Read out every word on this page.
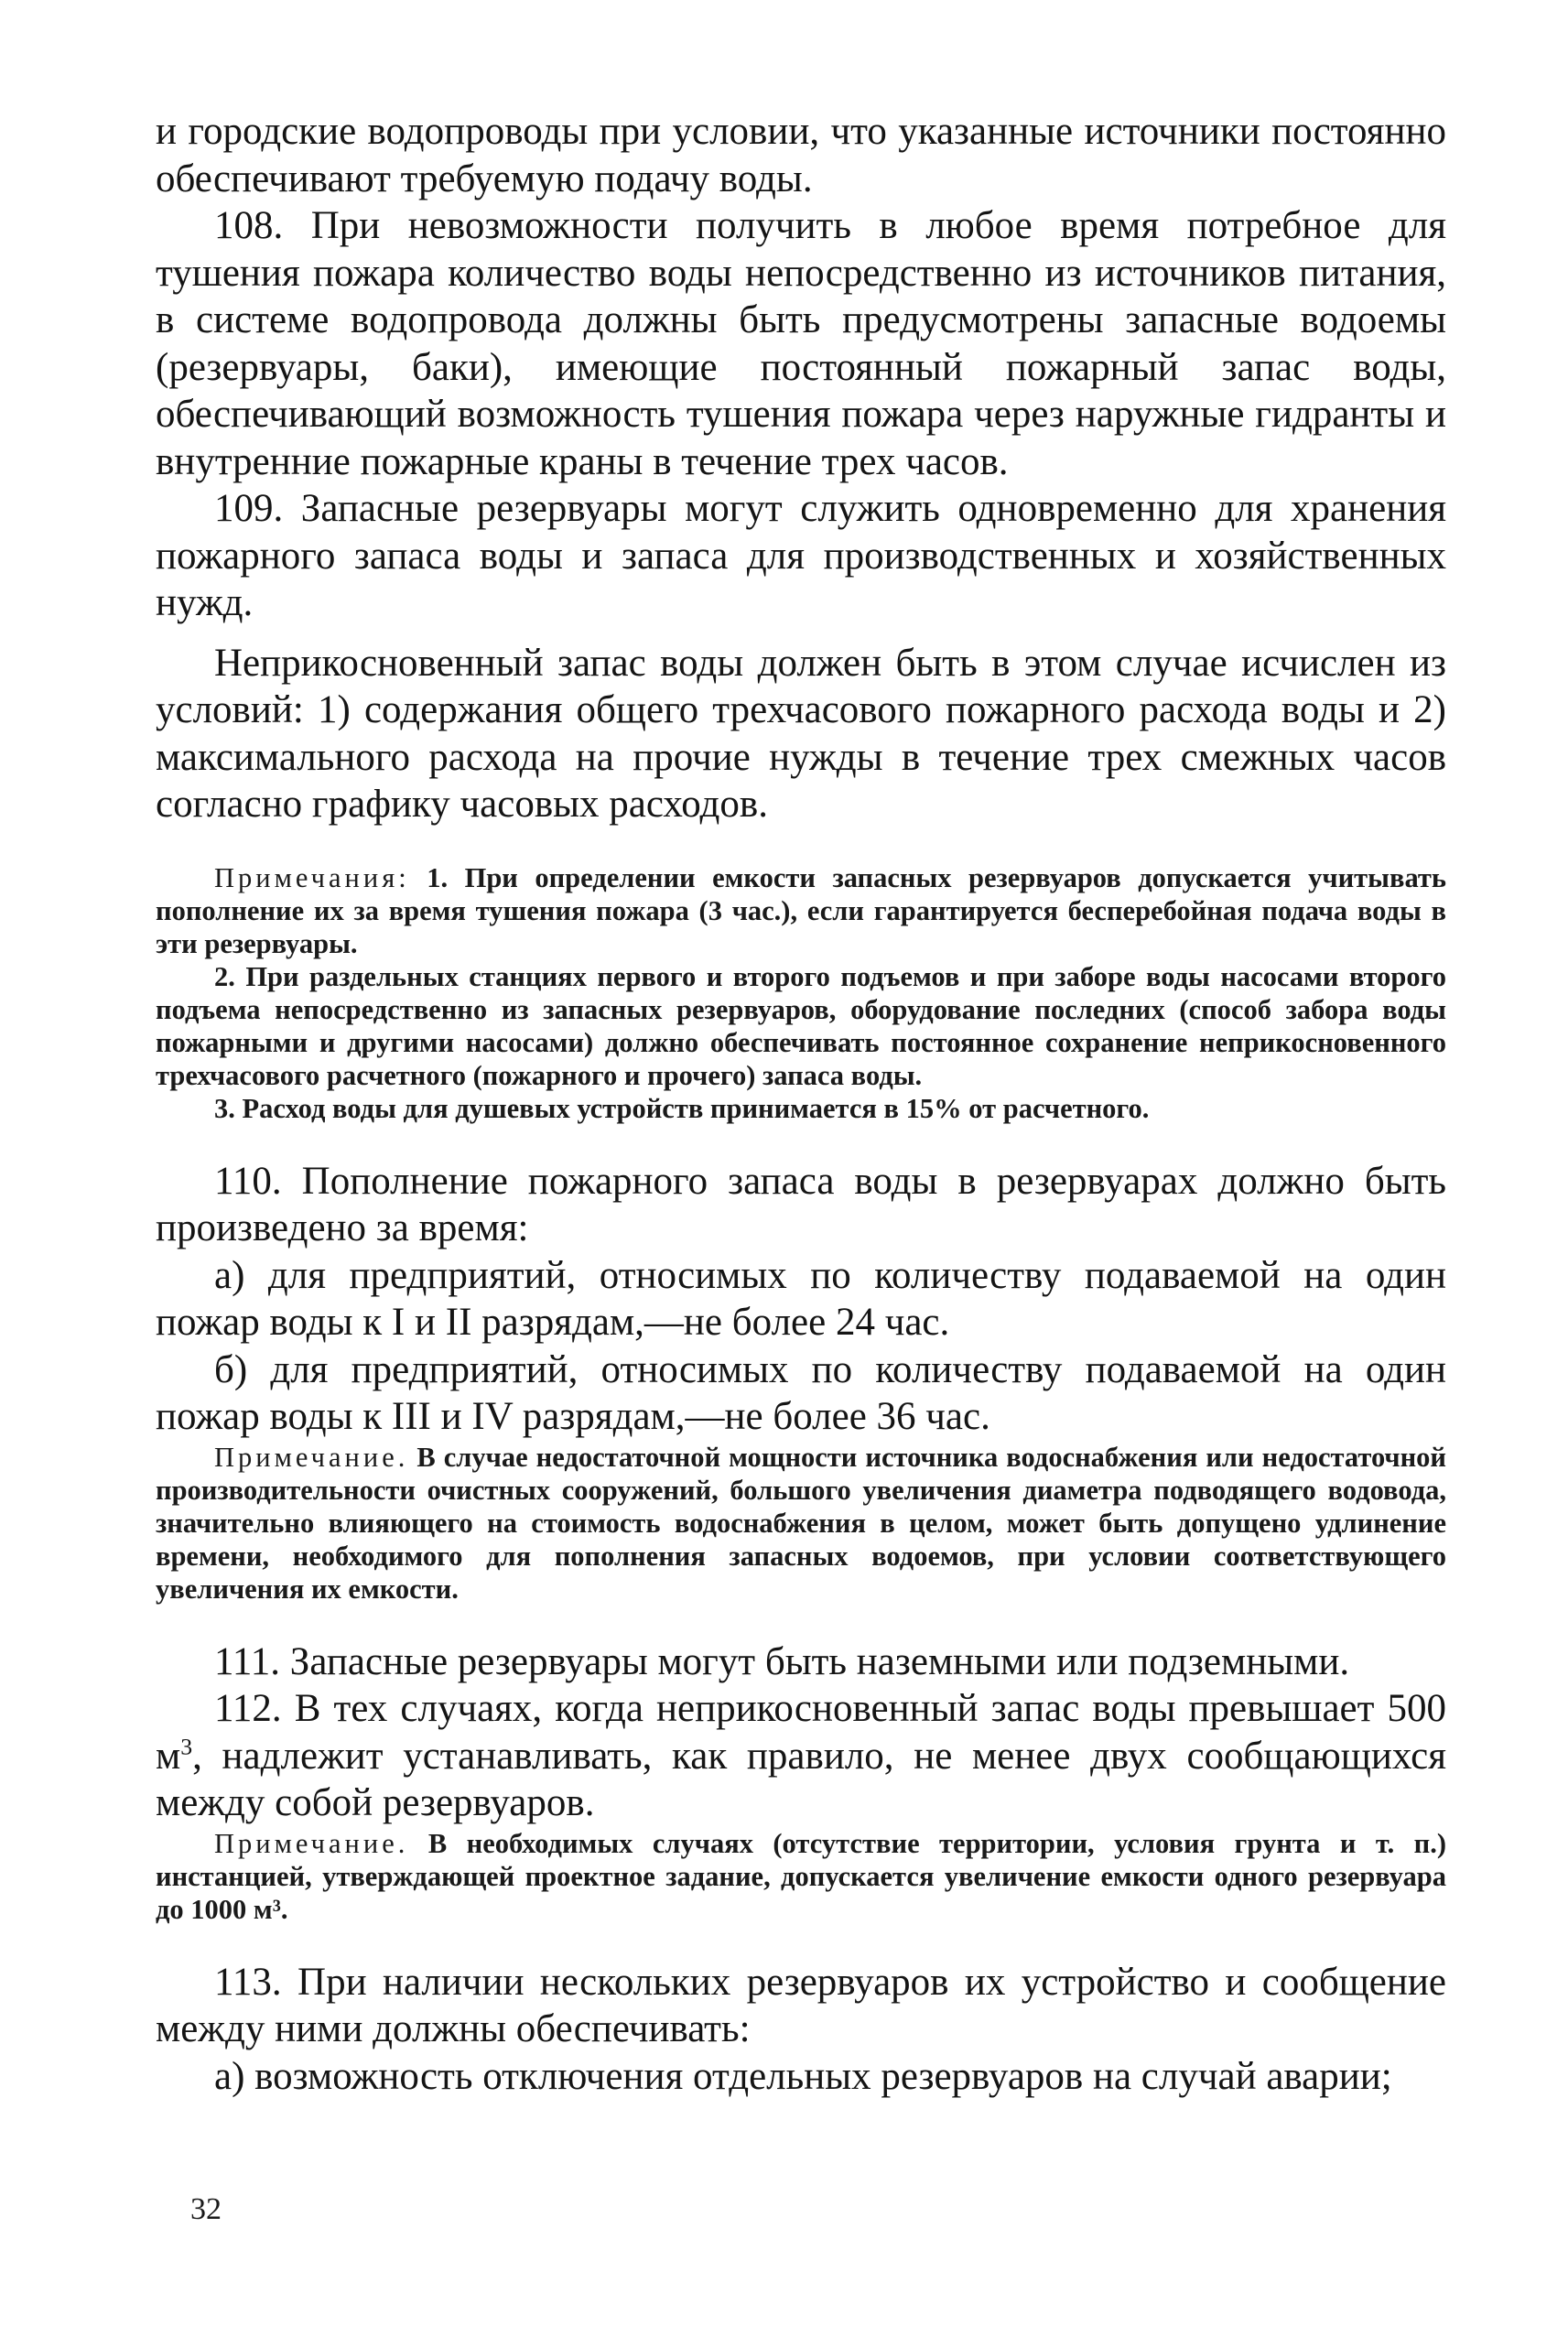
и городские водопроводы при условии, что указанные источники постоянно обеспечивают требуемую подачу воды.

108. При невозможности получить в любое время потребное для тушения пожара количество воды непосредственно из источников питания, в системе водопровода должны быть предусмотрены запасные водоемы (резервуары, баки), имеющие постоянный пожарный запас воды, обеспечивающий возможность тушения пожара через наружные гидранты и внутренние пожарные краны в течение трех часов.

109. Запасные резервуары могут служить одновременно для хранения пожарного запаса воды и запаса для производственных и хозяйственных нужд.

Неприкосновенный запас воды должен быть в этом случае исчислен из условий: 1) содержания общего трехчасового пожарного расхода воды и 2) максимального расхода на прочие нужды в течение трех смежных часов согласно графику часовых расходов.

Примечания: 1. При определении емкости запасных резервуаров допускается учитывать пополнение их за время тушения пожара (3 час.), если гарантируется бесперебойная подача воды в эти резервуары.

2. При раздельных станциях первого и второго подъемов и при заборе воды насосами второго подъема непосредственно из запасных резервуаров, оборудование последних (способ забора воды пожарными и другими насосами) должно обеспечивать постоянное сохранение неприкосновенного трехчасового расчетного (пожарного и прочего) запаса воды.

3. Расход воды для душевых устройств принимается в 15% от расчетного.

110. Пополнение пожарного запаса воды в резервуарах должно быть произведено за время:

а) для предприятий, относимых по количеству подаваемой на один пожар воды к I и II разрядам,—не более 24 час.

б) для предприятий, относимых по количеству подаваемой на один пожар воды к III и IV разрядам,—не более 36 час.

Примечание. В случае недостаточной мощности источника водоснабжения или недостаточной производительности очистных сооружений, большого увеличения диаметра подводящего водовода, значительно влияющего на стоимость водоснабжения в целом, может быть допущено удлинение времени, необходимого для пополнения запасных водоемов, при условии соответствующего увеличения их емкости.

111. Запасные резервуары могут быть наземными или подземными.

112. В тех случаях, когда неприкосновенный запас воды превышает 500 $м^3$, надлежит устанавливать, как правило, не менее двух сообщающихся между собой резервуаров.

Примечание. В необходимых случаях (отсутствие территории, условия грунта и т. п.) инстанцией, утверждающей проектное задание, допускается увеличение емкости одного резервуара до 1000 м³.

113. При наличии нескольких резервуаров их устройство и сообщение между ними должны обеспечивать:

а) возможность отключения отдельных резервуаров на случай аварии;

32
